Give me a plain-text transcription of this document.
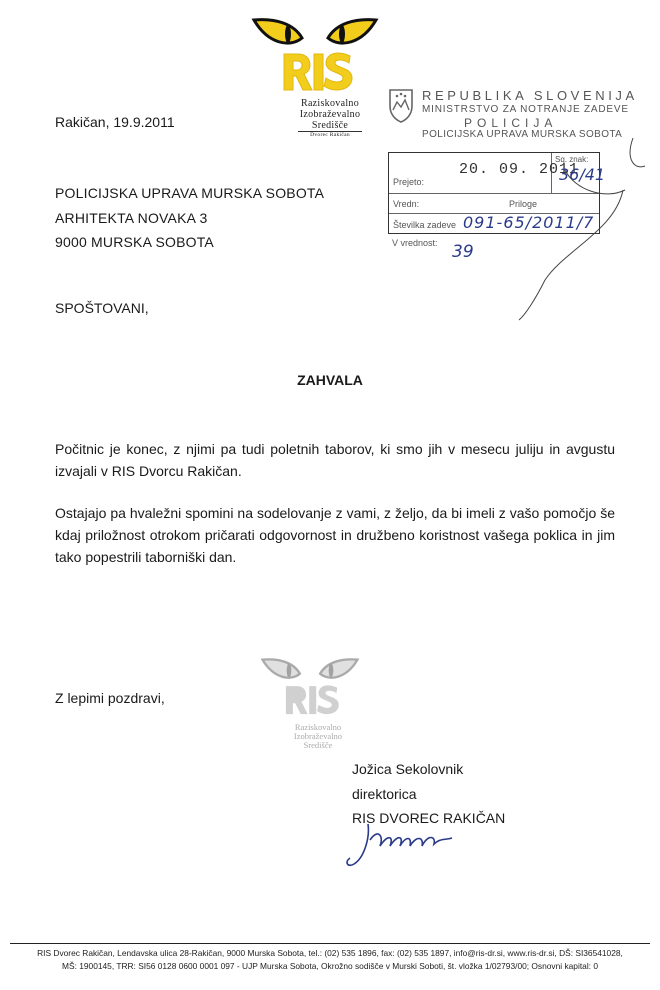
Raziskovalno
Izobraževalno
Središče
Dvorec Rakičan
Rakičan, 19.9.2011
REPUBLIKA SLOVENIJA
MINISTRSTVO ZA NOTRANJE ZADEVE
POLICIJA
POLICIJSKA UPRAVA MURSKA SOBOTA
Prejeto:
20. 09. 2011
Sq. znak:
36/41
Vredn:	Priloge
Številka zadeve 091-65/2011/7
V vrednost: 39
POLICIJSKA UPRAVA MURSKA SOBOTA
ARHITEKTA NOVAKA 3
9000 MURSKA SOBOTA
SPOŠTOVANI,
ZAHVALA
Počitnic je konec, z njimi pa tudi poletnih taborov, ki smo jih v mesecu juliju in avgustu izvajali v RIS Dvorcu Rakičan.
Ostajajo pa hvaležni spomini na sodelovanje z vami, z željo, da bi imeli z vašo pomočjo še kdaj priložnost otrokom pričarati odgovornost in družbeno koristnost vašega poklica in jim tako popestrili taborniški dan.
Z lepimi pozdravi,
Raziskovalno
Izobraževalno
Središče
Jožica Sekolovnik
direktorica
RIS DVOREC RAKIČAN
RIS Dvorec Rakičan, Lendavska ulica 28-Rakičan, 9000 Murska Sobota, tel.: (02) 535 1896, fax: (02) 535 1897, info@ris-dr.si, www.ris-dr.si, DŠ: SI36541028,
MŠ: 1900145, TRR: SI56 0128 0600 0001 097 - UJP Murska Sobota, Okrožno sodišče v Murski Soboti, št. vložka 1/02793/00; Osnovni kapital: 0
